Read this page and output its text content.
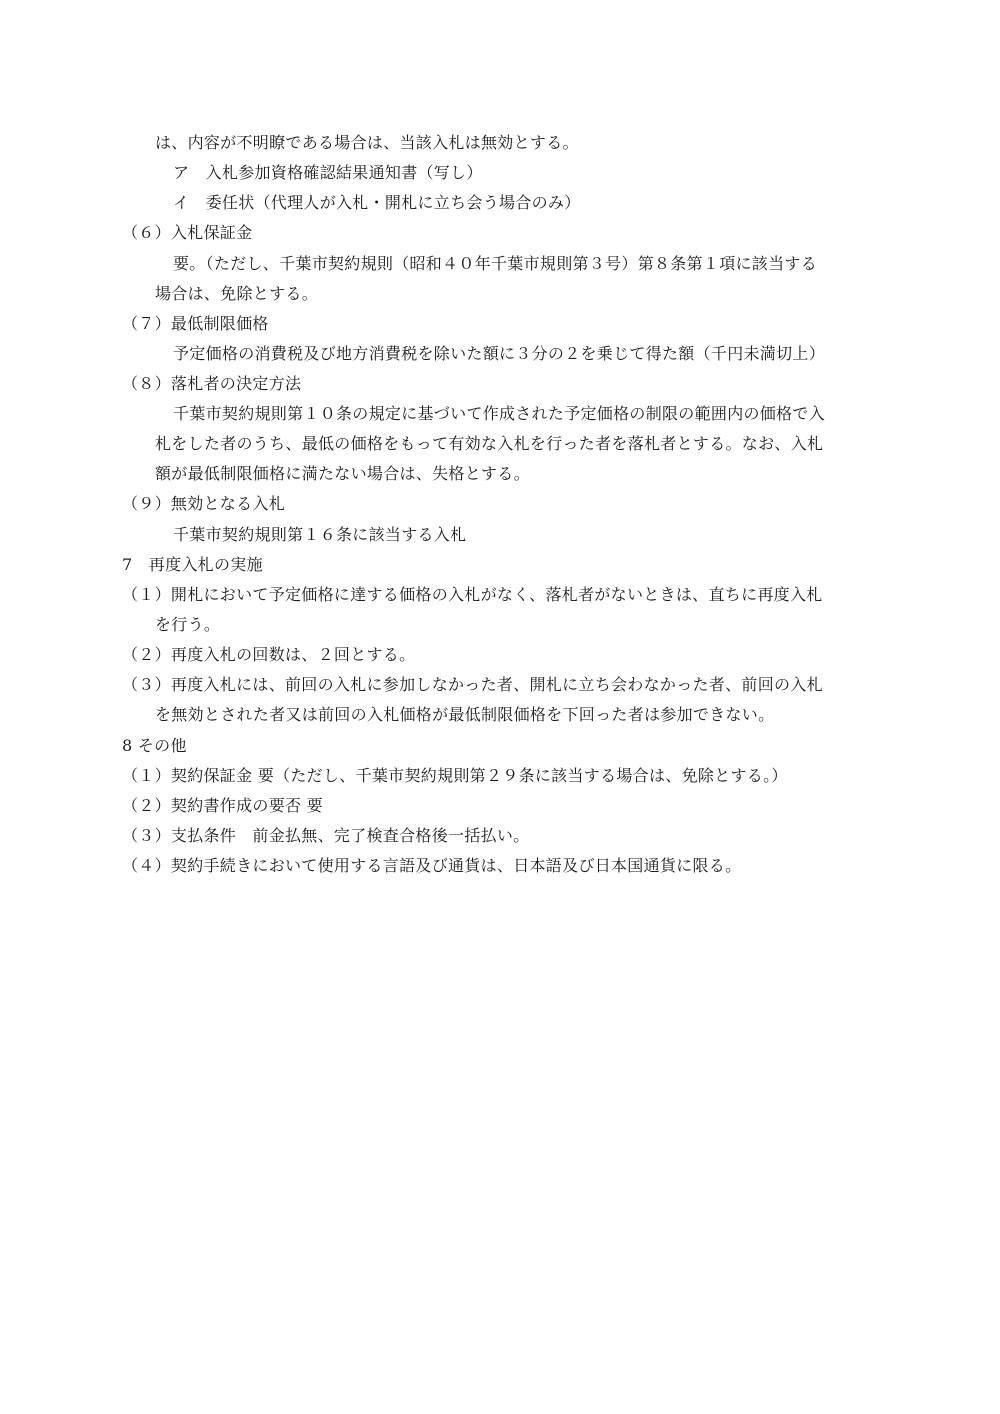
は、内容が不明瞭である場合は、当該入札は無効とする。
ア　入札参加資格確認結果通知書（写し）
イ　委任状（代理人が入札・開札に立ち会う場合のみ）
（６）入札保証金
要。（ただし、千葉市契約規則（昭和４０年千葉市規則第３号）第８条第１項に該当する
場合は、免除とする。
（７）最低制限価格
予定価格の消費税及び地方消費税を除いた額に３分の２を乗じて得た額（千円未満切上）
（８）落札者の決定方法
千葉市契約規則第１０条の規定に基づいて作成された予定価格の制限の範囲内の価格で入
札をした者のうち、最低の価格をもって有効な入札を行った者を落札者とする。なお、入札
額が最低制限価格に満たない場合は、失格とする。
（９）無効となる入札
千葉市契約規則第１６条に該当する入札
7　再度入札の実施
（１）開札において予定価格に達する価格の入札がなく、落札者がないときは、直ちに再度入札
を行う。
（２）再度入札の回数は、２回とする。
（３）再度入札には、前回の入札に参加しなかった者、開札に立ち会わなかった者、前回の入札
を無効とされた者又は前回の入札価格が最低制限価格を下回った者は参加できない。
8 その他
（１）契約保証金 要（ただし、千葉市契約規則第２９条に該当する場合は、免除とする。）
（２）契約書作成の要否 要
（３）支払条件　前金払無、完了検査合格後一括払い。
（４）契約手続きにおいて使用する言語及び通貨は、日本語及び日本国通貨に限る。
